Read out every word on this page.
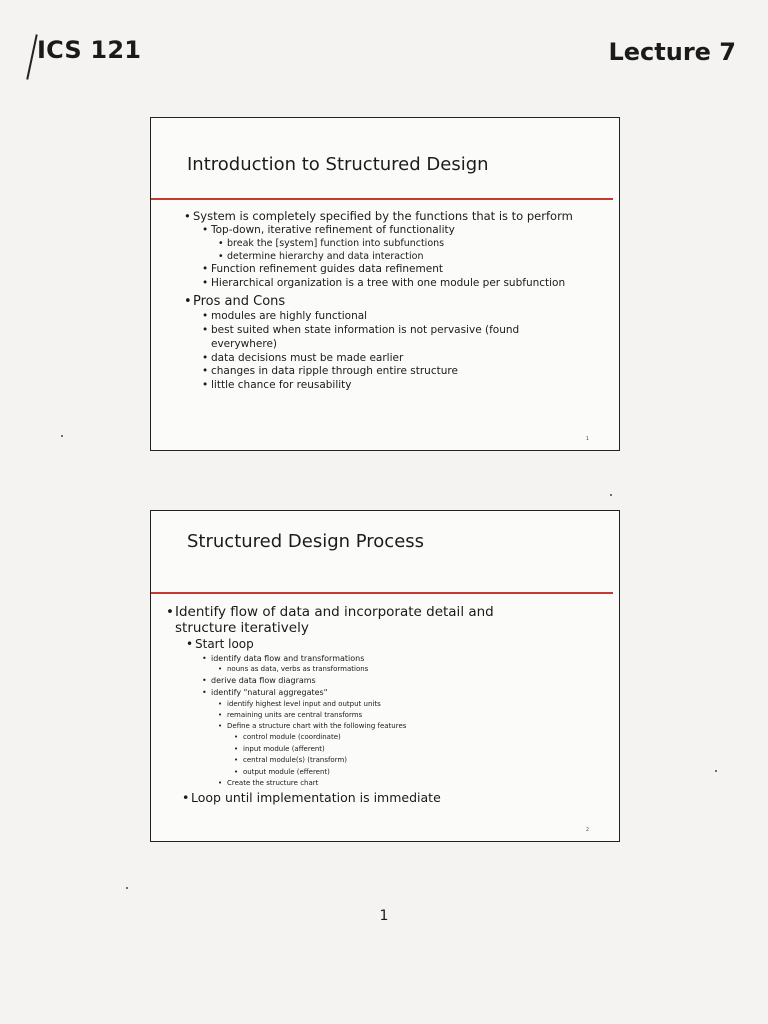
ICS 121	Lecture 7
Introduction to Structured Design
• System is completely specified by the functions that is to perform
• Top-down, iterative refinement of functionality
• break the [system] function into subfunctions
• determine hierarchy and data interaction
• Function refinement guides data refinement
• Hierarchical organization is a tree with one module per subfunction
• Pros and Cons
• modules are highly functional
• best suited when state information is not pervasive (found everywhere)
• data decisions must be made earlier
• changes in data ripple through entire structure
• little chance for reusability
1
Structured Design Process
• Identify flow of data and incorporate detail and structure iteratively
• Start loop
• identify data flow and transformations
• nouns as data, verbs as transformations
• derive data flow diagrams
• identify "natural aggregates"
• identify highest level input and output units
• remaining units are central transforms
• Define a structure chart with the following features
• control module (coordinate)
• input module (afferent)
• central module(s) (transform)
• output module (efferent)
• Create the structure chart
• Loop until implementation is immediate
2
1
